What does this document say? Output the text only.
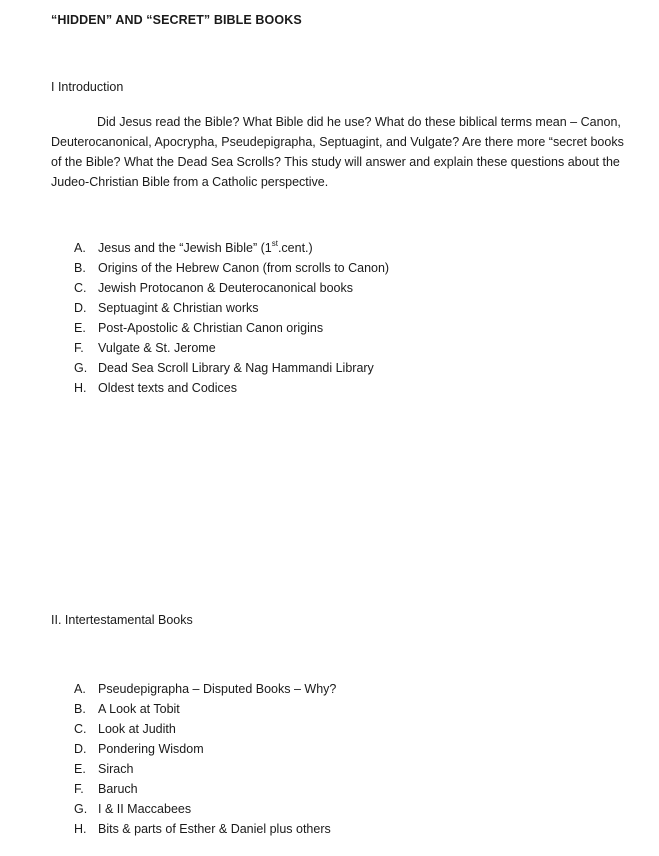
“HIDDEN” AND “SECRET” BIBLE BOOKS
I Introduction

Did Jesus read the Bible? What Bible did he use? What do these biblical terms mean – Canon,
Deuterocanonical, Apocrypha, Pseudepigrapha, Septuagint, and Vulgate? Are there more “secret books
of the Bible? What the Dead Sea Scrolls? This study will answer and explain these questions about the
Judeo-Christian Bible from a Catholic perspective.

A. Jesus and the “Jewish Bible” (1st.cent.)
B. Origins of the Hebrew Canon (from scrolls to Canon)
C. Jewish Protocanon & Deuterocanonical books
D. Septuagint & Christian works
E. Post-Apostolic & Christian Canon origins
F.	Vulgate & St. Jerome
G. Dead Sea Scroll Library & Nag Hammandi Library
H. Oldest texts and Codices
II. Intertestamental Books
A. Pseudepigrapha – Disputed Books – Why?
B. A Look at Tobit
C. Look at Judith
D. Pondering Wisdom
E. Sirach
F.	Baruch
G. I & II Maccabees
H. Bits & parts of Esther & Daniel plus others
